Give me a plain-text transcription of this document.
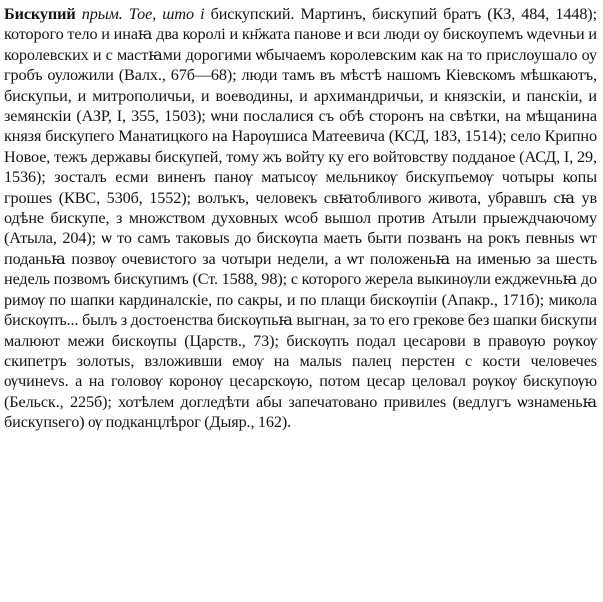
Бискупий прым. Тое, што і бискупский. Мартинъ, бискупий братъ (КЗ, 484, 1448); которого тело и инаꙗ два королі и кн҃жата панове и вси люди оу бискоупемъ ѡдеvньи и королевских и с мастꙗми дорогими ѡбычаемъ королевским как на то прислоушало оу гробъ оуложили (Валх., 67б—68); люди тамъ въ мѣстѣ нашомъ Кіевскомъ мѣшкаютъ, бискупьи, и митрополичьи, и воеводины, и архимандричьи, и князскіи, и панскіи, и земянскіи (АЗР, I, 355, 1503); ѡни послалися съ обѣ сторонъ на свѣтки, на мѣщанина князя бискупего Манатицкого на Нарѹшиса Матеевича (КСД, 183, 1514); село Крипно Новое, тежъ державы бискупей, тому жъ войту ку его войтовству подданое (АСД, I, 29, 1536); зосталъ есми виненъ панѹ матысѹ мельникѹ бискупъемѹ чотыры копы грошеs (КВС, 530б, 1552); волъкъ, человекъ свꙗтобливого живота, убравшъ сꙗ ув одѣне бискупе, з множством духовных ѡсоб вышол против Атыли прыеждчаючому (Атыла, 204); ѡ то самъ таковыs до бискѹпа маеть быти позванъ на рокъ певныs ѡт поданьꙗ позвѹ очевистого за чотыри недели, а ѡт положеньꙗ на именью за шесть недель позвомъ бискупимъ (Ст. 1588, 98); с которого жерела выкинѹли ежджеvньꙗ до римѹ по шапки кардиналскіе, по сакры, и по плащи бискѹпіи (Апакр., 171б); микола бискѹпъ... былъ з достоенства бискѹпьꙗ выгнан, за то его грекове без шапки бискупи малюют межи бискѹпы (Царств., 73); бискѹпъ подал цесарови в правѹю рѹкѹ скипетръ золотыs, взложивши емѹ на малыs палец перстен с кости человечеs ѹчинеvs. а на головѹ коронѹ цесарскѹю, потом цесар целовал рѹкѹ бискупѹю (Бельск., 225б); хотѣлем догледѣти абы запечатовано привилеs (ведлугъ ѡзнаменьꙗ бискупsего) ѹ подканцлѣрог (Дыяр., 162).
